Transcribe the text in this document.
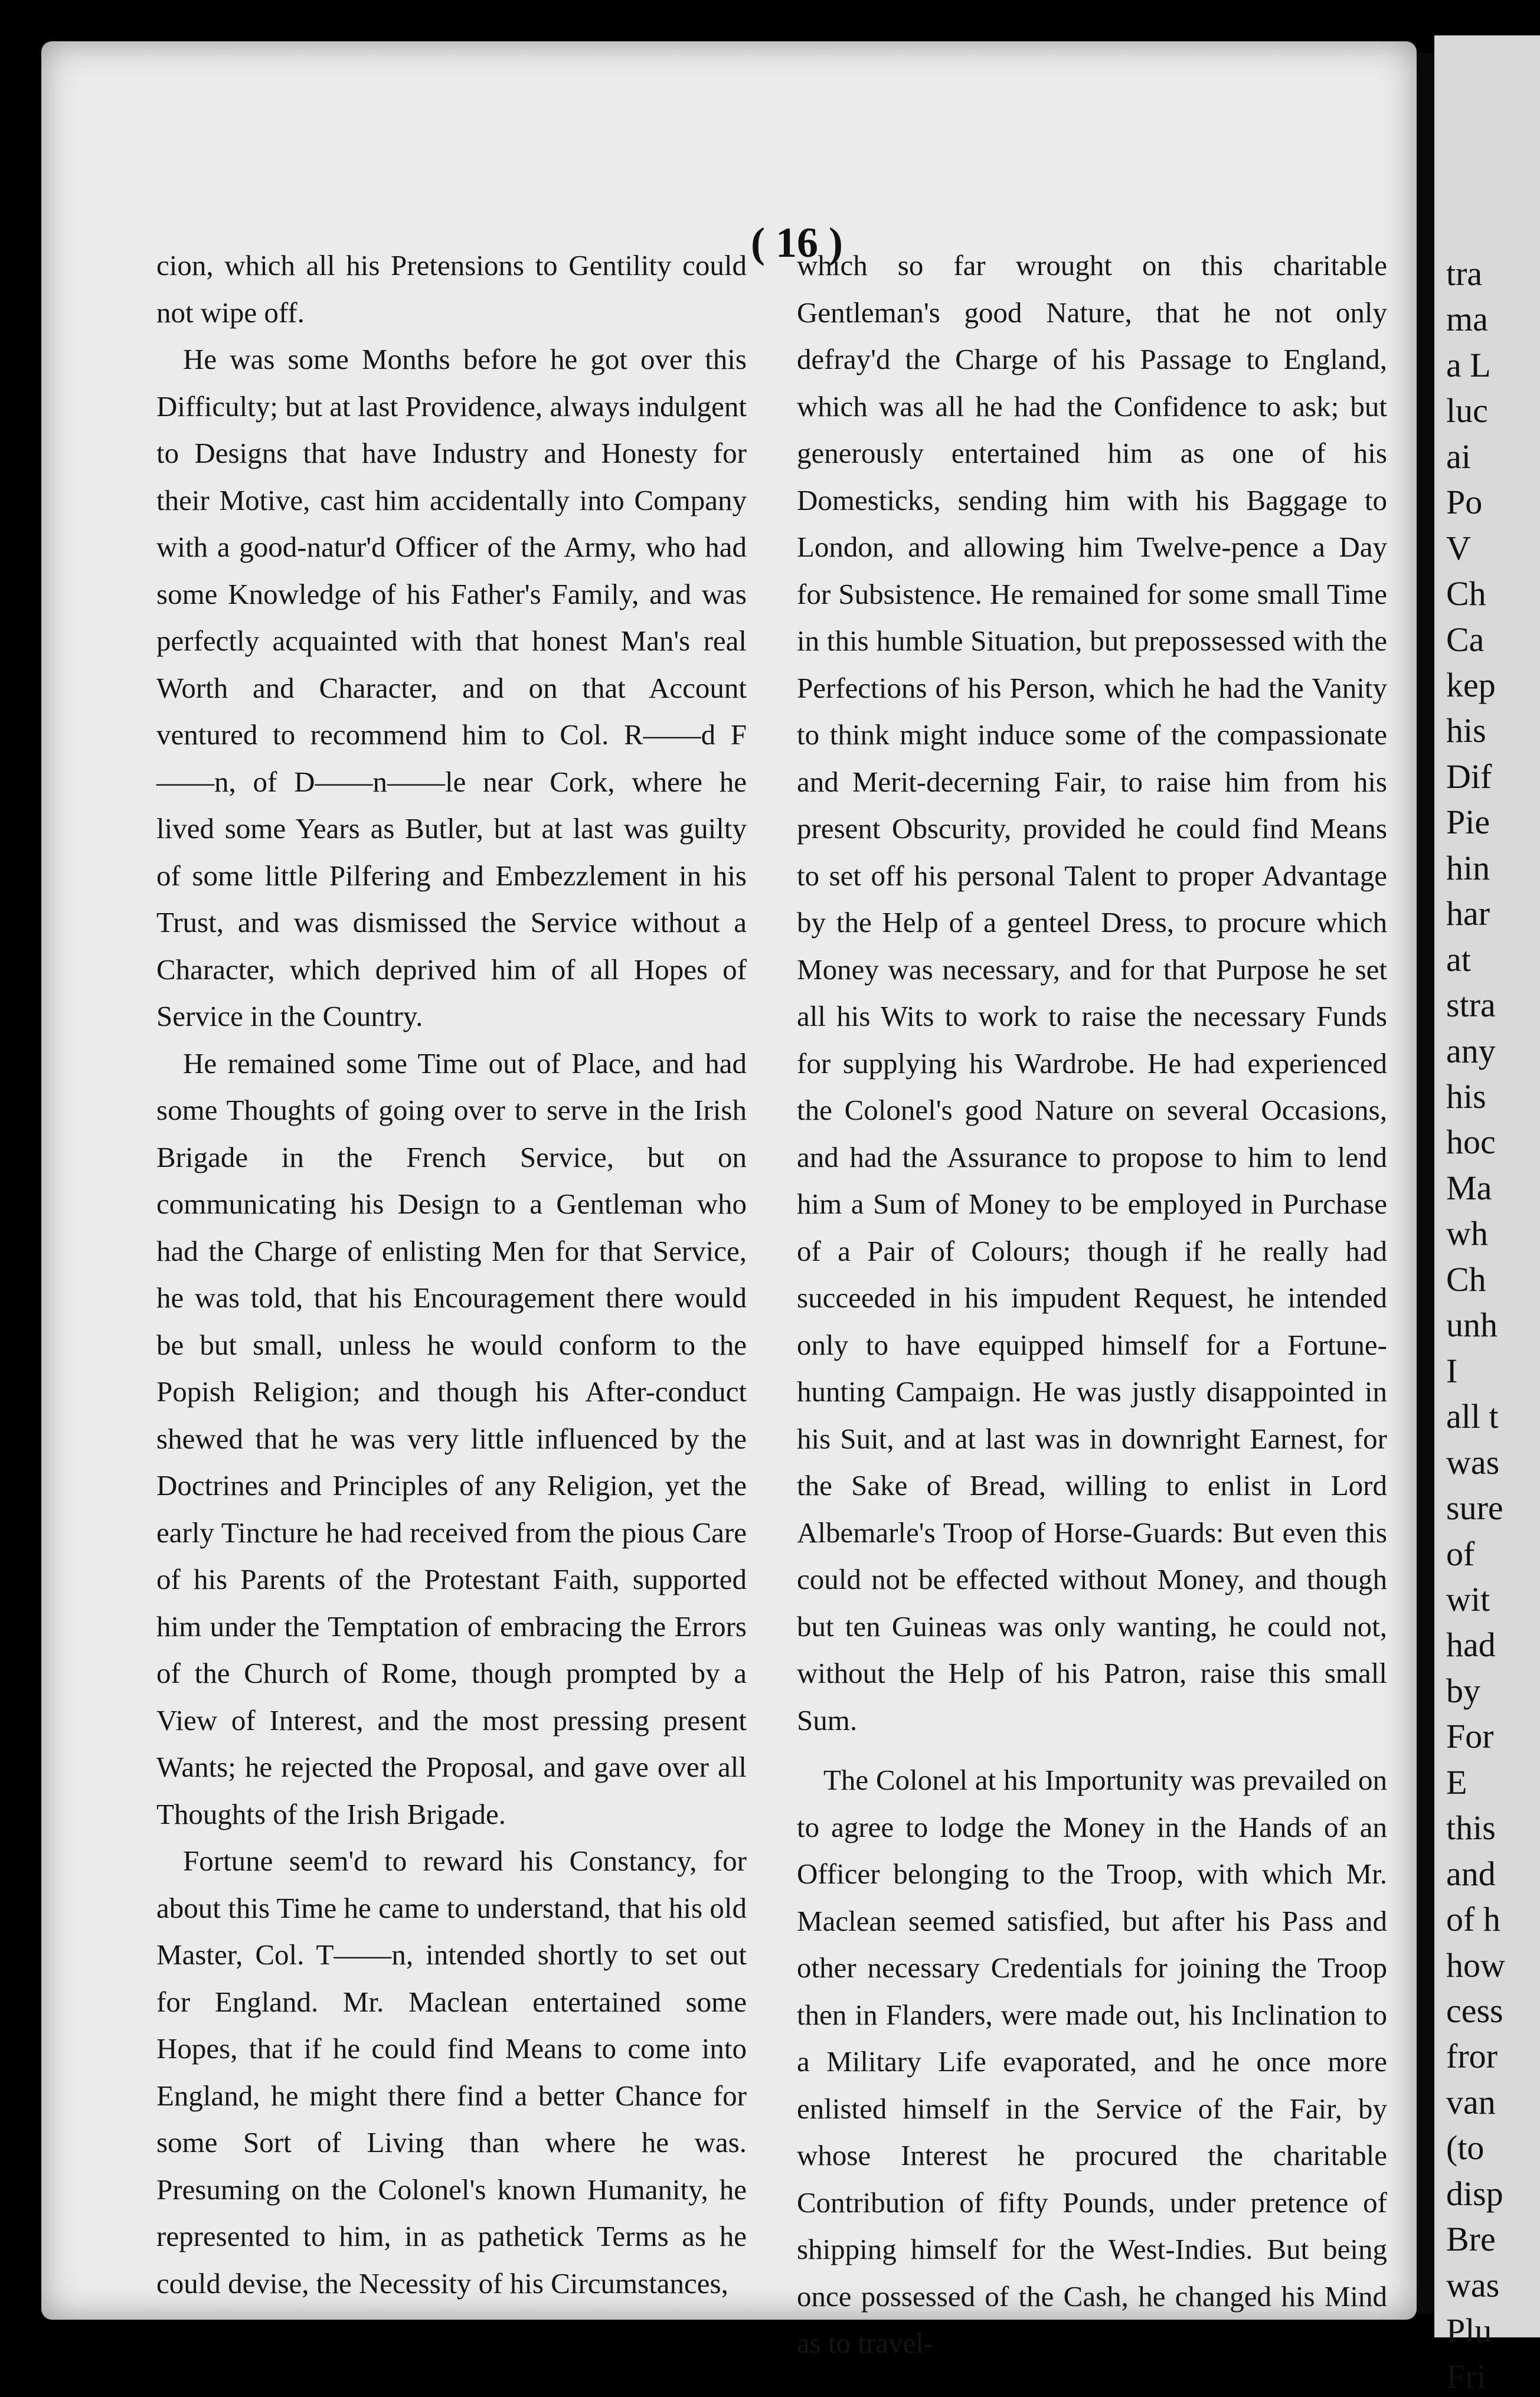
( 16 )

cion, which all his Pretensions to Gentility could not wipe off.

He was some Months before he got over this Difficulty; but at last Providence, always indulgent to Designs that have Industry and Honesty for their Motive, cast him accidentally into Company with a good-natur'd Officer of the Army, who had some Knowledge of his Father's Family, and was perfectly acquainted with that honest Man's real Worth and Character, and on that Account ventured to recommend him to Col. R——d F——n, of D——n——le near Cork, where he lived some Years as Butler, but at last was guilty of some little Pilfering and Embezzlement in his Trust, and was dismissed the Service without a Character, which deprived him of all Hopes of Service in the Country.

He remained some Time out of Place, and had some Thoughts of going over to serve in the Irish Brigade in the French Service, but on communicating his Design to a Gentleman who had the Charge of enlisting Men for that Service, he was told, that his Encouragement there would be but small, unless he would conform to the Popish Religion; and though his After-conduct shewed that he was very little influenced by the Doctrines and Principles of any Religion, yet the early Tincture he had received from the pious Care of his Parents of the Protestant Faith, supported him under the Temptation of embracing the Errors of the Church of Rome, though prompted by a View of Interest, and the most pressing present Wants; he rejected the Proposal, and gave over all Thoughts of the Irish Brigade.

Fortune seem'd to reward his Constancy, for about this Time he came to understand, that his old Master, Col. T——n, intended shortly to set out for England. Mr. Maclean entertained some Hopes, that if he could find Means to come into England, he might there find a better Chance for some Sort of Living than where he was. Presuming on the Colonel's known Humanity, he represented to him, in as pathetick Terms as he could devise, the Necessity of his Circumstances,

which so far wrought on this charitable Gentleman's good Nature, that he not only defray'd the Charge of his Passage to England, which was all he had the Confidence to ask; but generously entertained him as one of his Domesticks, sending him with his Baggage to London, and allowing him Twelve-pence a Day for Subsistence. He remained for some small Time in this humble Situation, but prepossessed with the Perfections of his Person, which he had the Vanity to think might induce some of the compassionate and Merit-decerning Fair, to raise him from his present Obscurity, provided he could find Means to set off his personal Talent to proper Advantage by the Help of a genteel Dress, to procure which Money was necessary, and for that Purpose he set all his Wits to work to raise the necessary Funds for supplying his Wardrobe. He had experienced the Colonel's good Nature on several Occasions, and had the Assurance to propose to him to lend him a Sum of Money to be employed in Purchase of a Pair of Colours; though if he really had succeeded in his impudent Request, he intended only to have equipped himself for a Fortune-hunting Campaign. He was justly disappointed in his Suit, and at last was in downright Earnest, for the Sake of Bread, willing to enlist in Lord Albemarle's Troop of Horse-Guards: But even this could not be effected without Money, and though but ten Guineas was only wanting, he could not, without the Help of his Patron, raise this small Sum.

The Colonel at his Importunity was prevailed on to agree to lodge the Money in the Hands of an Officer belonging to the Troop, with which Mr. Maclean seemed satisfied, but after his Pass and other necessary Credentials for joining the Troop then in Flanders, were made out, his Inclination to a Military Life evaporated, and he once more enlisted himself in the Service of the Fair, by whose Interest he procured the charitable Contribution of fifty Pounds, under pretence of shipping himself for the West-Indies. But being once possessed of the Cash, he changed his Mind as to travel-

tra
ma
a L
luc
ai
Po
V
Ch
Ca
kep
his
Dif
Pie
hin
har
at
stra
any
his
hoc
Ma
wh
Ch
unh
I
all t
was
sure
of
wit
had
by
For
E
this
and
of h
how
cess
fror
van
(to
disp
Bre
was
Plu
Fri
